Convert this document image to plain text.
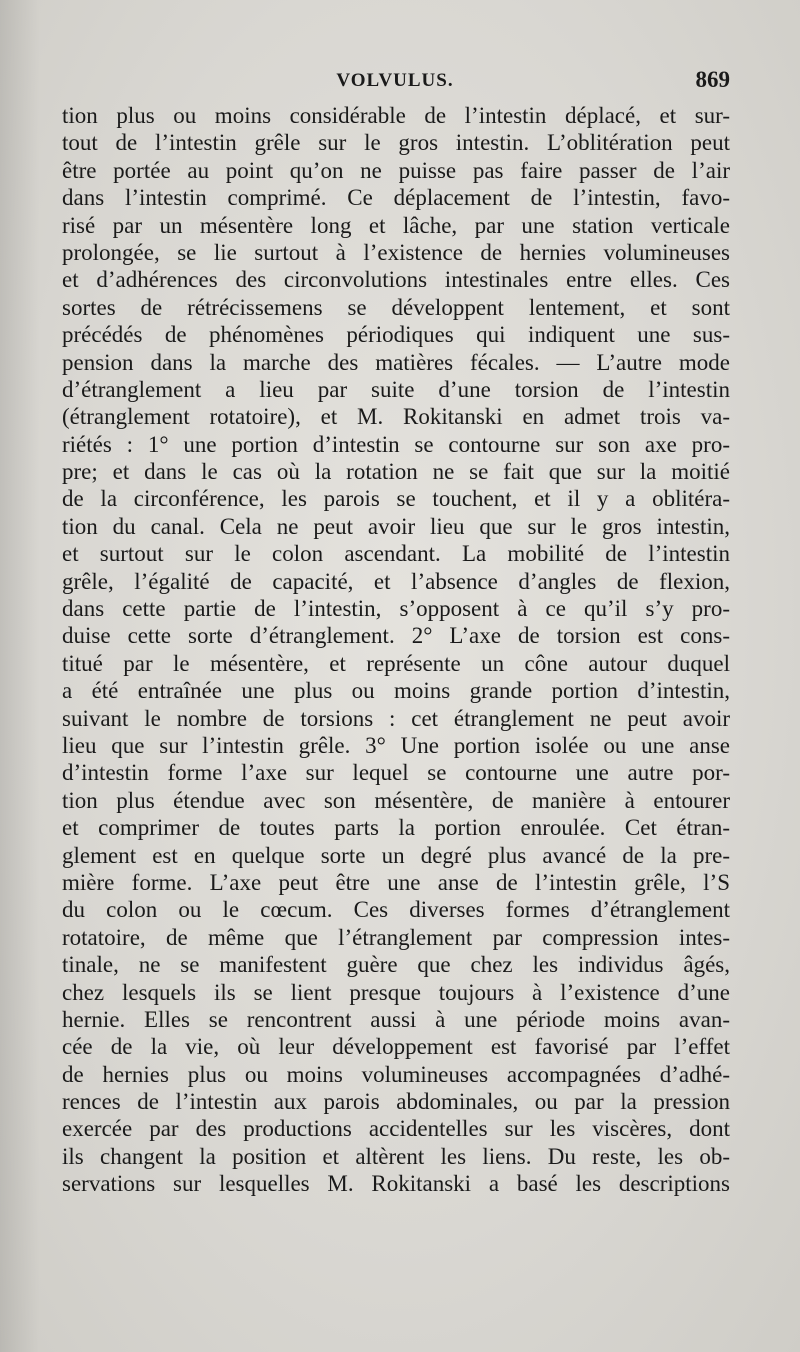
VOLVULUS.	869
tion plus ou moins considérable de l’intestin déplacé, et sur-
tout de l’intestin grêle sur le gros intestin. L’oblitération peut
être portée au point qu’on ne puisse pas faire passer de l’air
dans l’intestin comprimé. Ce déplacement de l’intestin, favo-
risé par un mésentère long et lâche, par une station verticale
prolongée, se lie surtout à l’existence de hernies volumineuses
et d’adhérences des circonvolutions intestinales entre elles. Ces
sortes de rétrécissemens se développent lentement, et sont
précédés de phénomènes périodiques qui indiquent une sus-
pension dans la marche des matières fécales. — L’autre mode
d’étranglement a lieu par suite d’une torsion de l’intestin
(étranglement rotatoire), et M. Rokitanski en admet trois va-
riétés : 1° une portion d’intestin se contourne sur son axe pro-
pre; et dans le cas où la rotation ne se fait que sur la moitié
de la circonférence, les parois se touchent, et il y a oblitéra-
tion du canal. Cela ne peut avoir lieu que sur le gros intestin,
et surtout sur le colon ascendant. La mobilité de l’intestin
grêle, l’égalité de capacité, et l’absence d’angles de flexion,
dans cette partie de l’intestin, s’opposent à ce qu’il s’y pro-
duise cette sorte d’étranglement. 2° L’axe de torsion est cons-
titué par le mésentère, et représente un cône autour duquel
a été entraînée une plus ou moins grande portion d’intestin,
suivant le nombre de torsions : cet étranglement ne peut avoir
lieu que sur l’intestin grêle. 3° Une portion isolée ou une anse
d’intestin forme l’axe sur lequel se contourne une autre por-
tion plus étendue avec son mésentère, de manière à entourer
et comprimer de toutes parts la portion enroulée. Cet étran-
glement est en quelque sorte un degré plus avancé de la pre-
mière forme. L’axe peut être une anse de l’intestin grêle, l’S
du colon ou le cœcum. Ces diverses formes d’étranglement
rotatoire, de même que l’étranglement par compression intes-
tinale, ne se manifestent guère que chez les individus âgés,
chez lesquels ils se lient presque toujours à l’existence d’une
hernie. Elles se rencontrent aussi à une période moins avan-
cée de la vie, où leur développement est favorisé par l’effet
de hernies plus ou moins volumineuses accompagnées d’adhé-
rences de l’intestin aux parois abdominales, ou par la pression
exercée par des productions accidentelles sur les viscères, dont
ils changent la position et altèrent les liens. Du reste, les ob-
servations sur lesquelles M. Rokitanski a basé les descriptions
